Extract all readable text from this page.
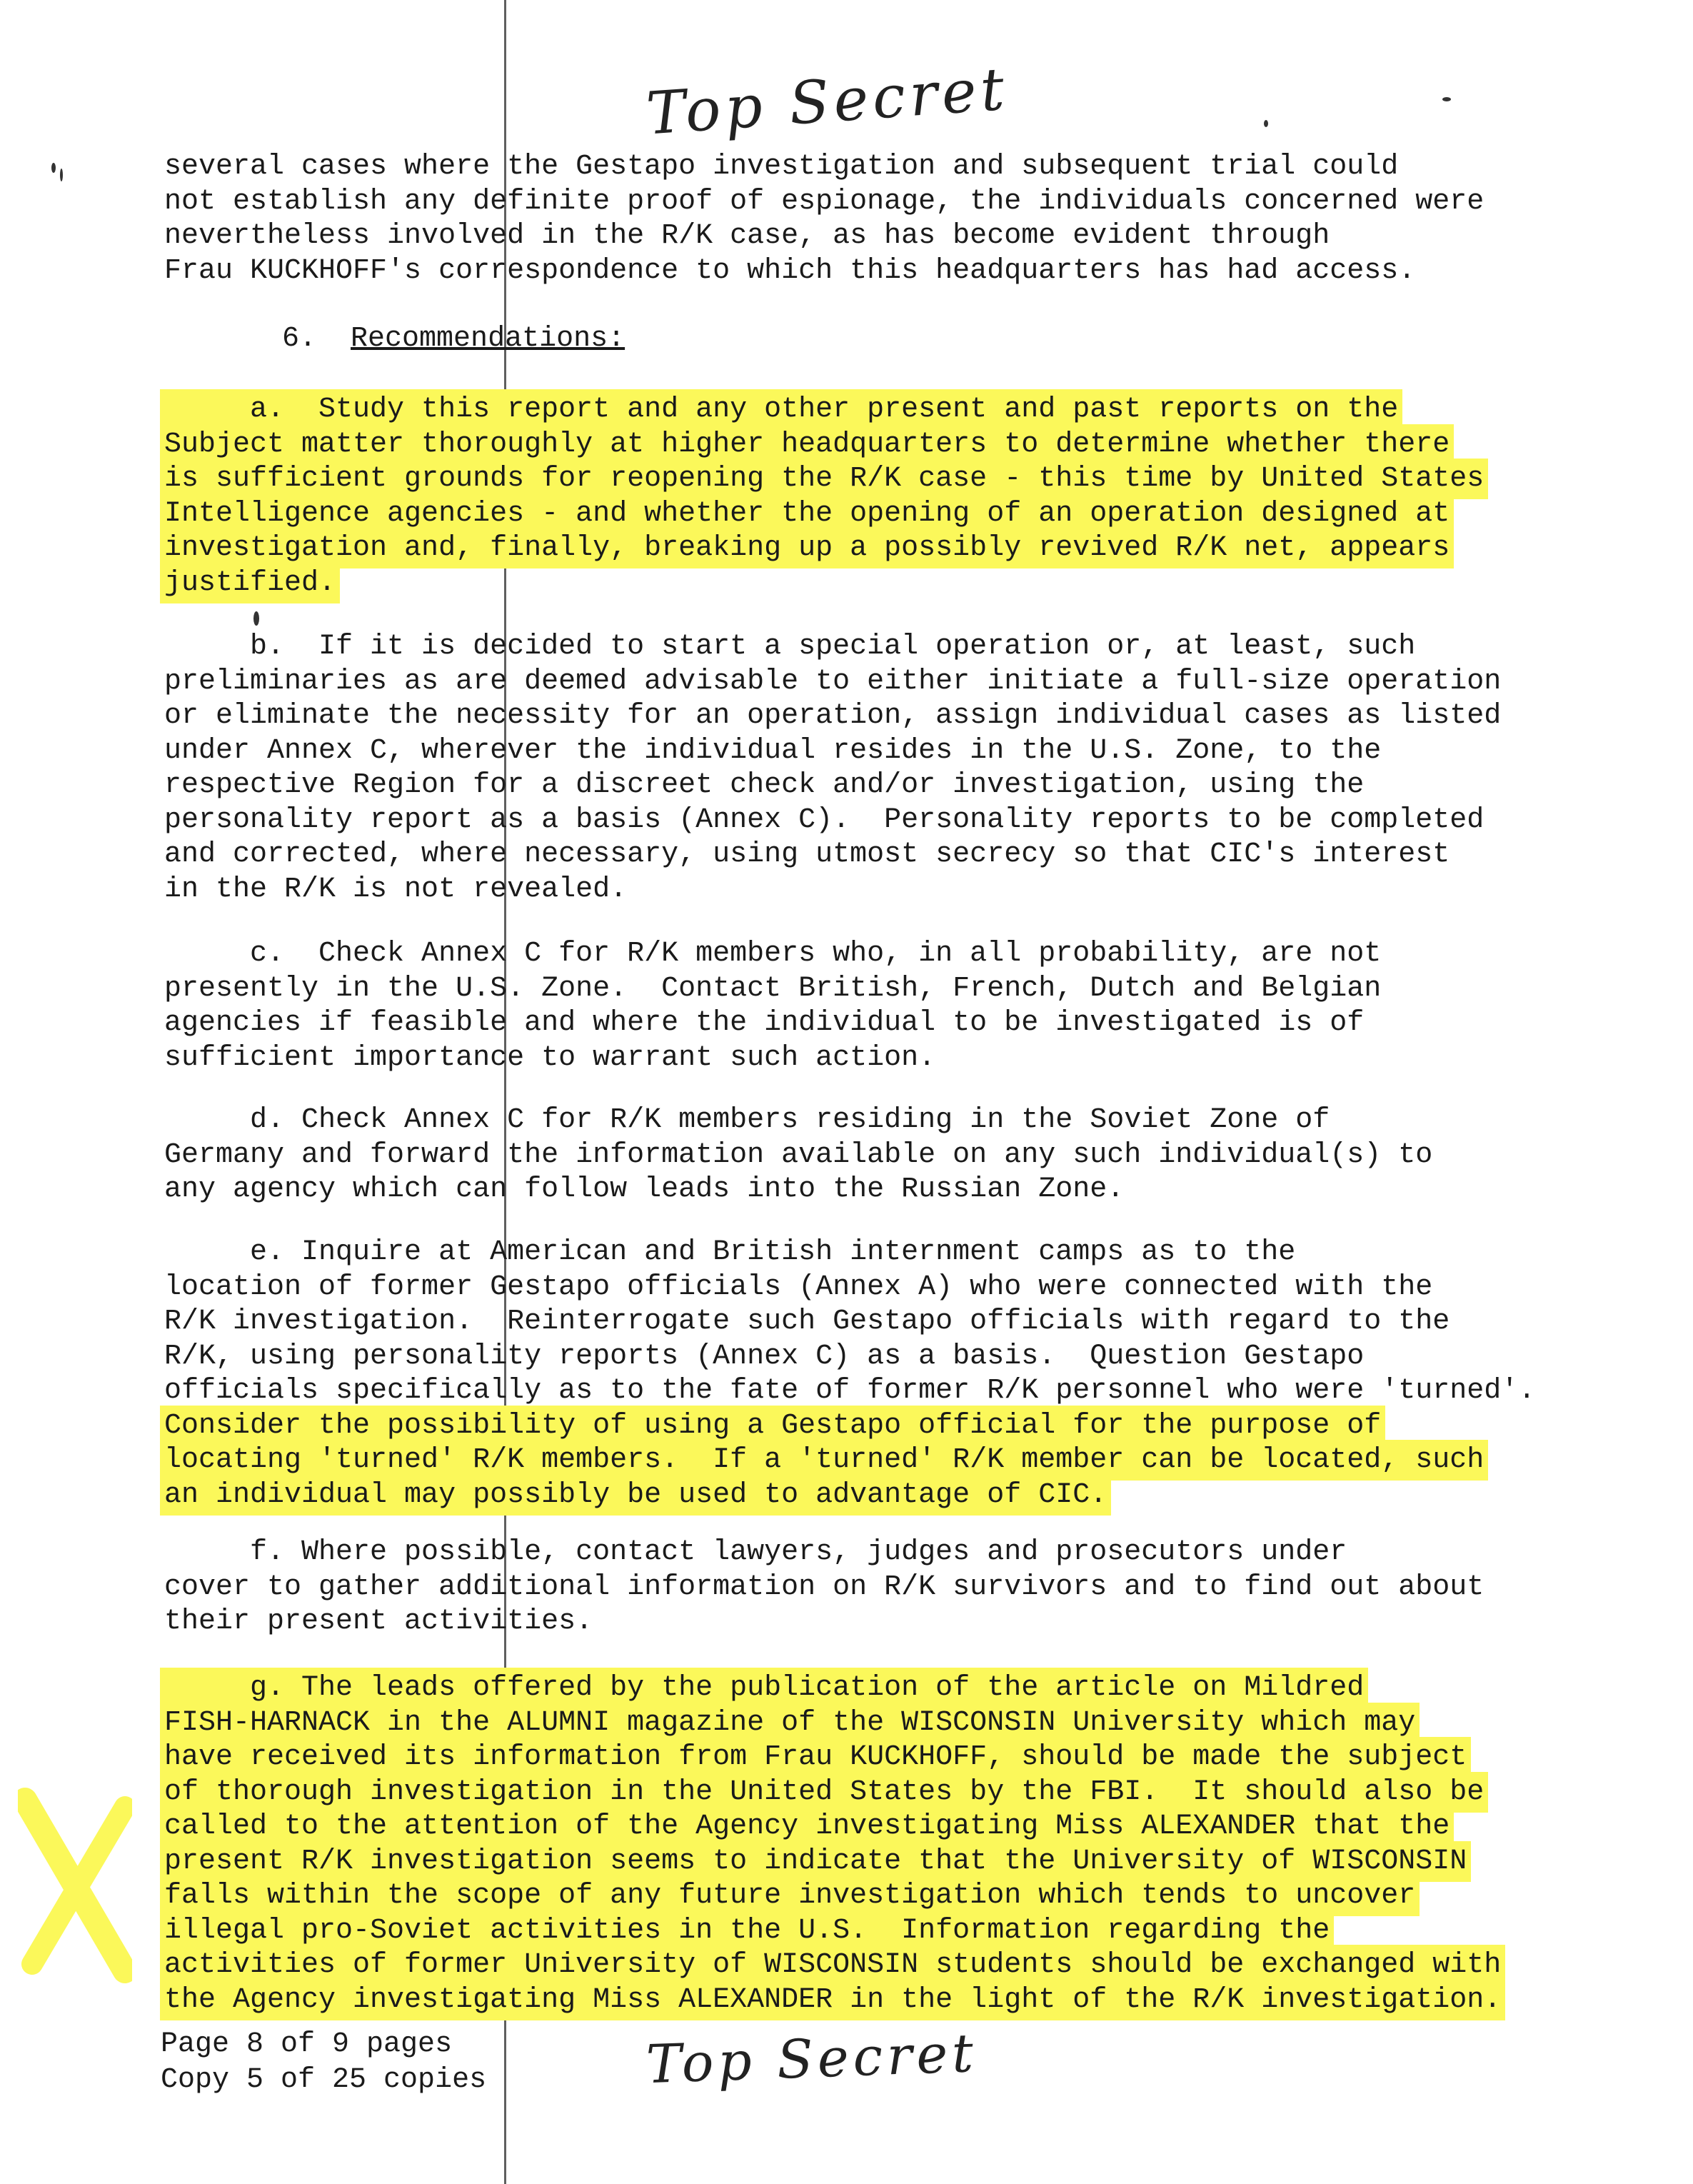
Top Secret
several cases where the Gestapo investigation and subsequent trial could
not establish any definite proof of espionage, the individuals concerned were
nevertheless involved in the R/K case, as has become evident through
Frau KUCKHOFF's correspondence to which this headquarters has had access.
6. Recommendations:
a.  Study this report and any other present and past reports on the
Subject matter thoroughly at higher headquarters to determine whether there
is sufficient grounds for reopening the R/K case - this time by United States
Intelligence agencies - and whether the opening of an operation designed at
investigation and, finally, breaking up a possibly revived R/K net, appears
justified.
b.  If it is decided to start a special operation or, at least, such
preliminaries as are deemed advisable to either initiate a full-size operation
or eliminate the necessity for an operation, assign individual cases as listed
under Annex C, wherever the individual resides in the U.S. Zone, to the
respective Region for a discreet check and/or investigation, using the
personality report as a basis (Annex C).  Personality reports to be completed
and corrected, where necessary, using utmost secrecy so that CIC's interest
in the R/K is not revealed.
c.  Check Annex C for R/K members who, in all probability, are not
presently in the U.S. Zone.  Contact British, French, Dutch and Belgian
agencies if feasible and where the individual to be investigated is of
sufficient importance to warrant such action.
d. Check Annex C for R/K members residing in the Soviet Zone of
Germany and forward the information available on any such individual(s) to
any agency which can follow leads into the Russian Zone.
e. Inquire at American and British internment camps as to the
location of former Gestapo officials (Annex A) who were connected with the
R/K investigation.  Reinterrogate such Gestapo officials with regard to the
R/K, using personality reports (Annex C) as a basis.  Question Gestapo
officials specifically as to the fate of former R/K personnel who were 'turned'.
Consider the possibility of using a Gestapo official for the purpose of
locating 'turned' R/K members.  If a 'turned' R/K member can be located, such
an individual may possibly be used to advantage of CIC.
f. Where possible, contact lawyers, judges and prosecutors under
cover to gather additional information on R/K survivors and to find out about
their present activities.
g. The leads offered by the publication of the article on Mildred
FISH-HARNACK in the ALUMNI magazine of the WISCONSIN University which may
have received its information from Frau KUCKHOFF, should be made the subject
of thorough investigation in the United States by the FBI.  It should also be
called to the attention of the Agency investigating Miss ALEXANDER that the
present R/K investigation seems to indicate that the University of WISCONSIN
falls within the scope of any future investigation which tends to uncover
illegal pro-Soviet activities in the U.S.  Information regarding the
activities of former University of WISCONSIN students should be exchanged with
the Agency investigating Miss ALEXANDER in the light of the R/K investigation.
Page 8 of 9 pages
Copy 5 of 25 copies	Top Secret
